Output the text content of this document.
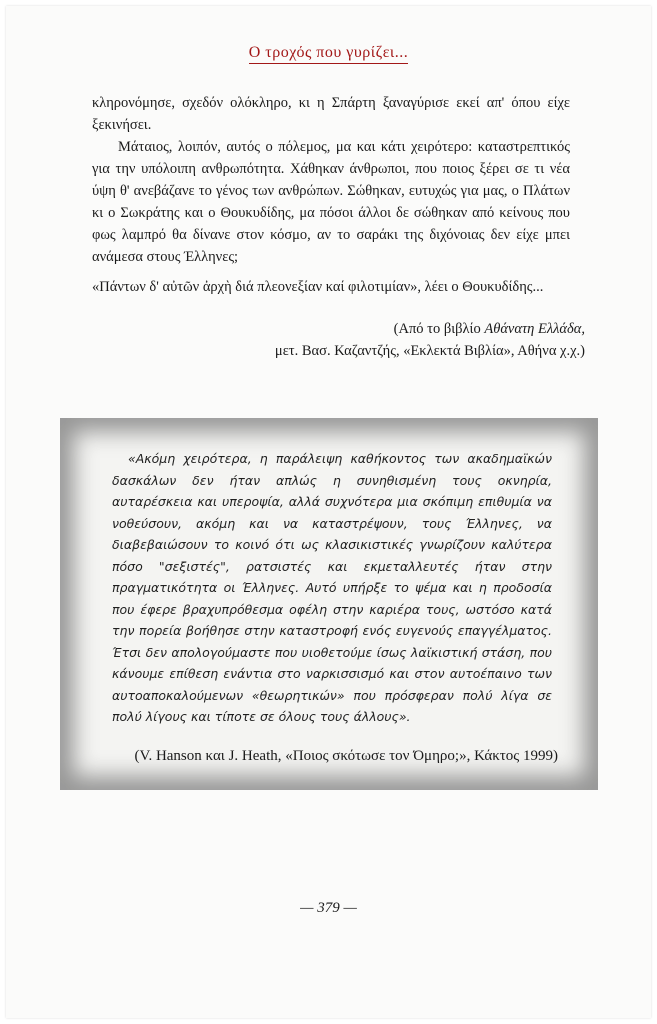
Ο τροχός που γυρίζει...

κληρονόμησε, σχεδόν ολόκληρο, κι η Σπάρτη ξαναγύρισε εκεί απ' όπου είχε ξεκινήσει.

Μάταιος, λοιπόν, αυτός ο πόλεμος, μα και κάτι χειρότερο: καταστρεπτικός για την υπόλοιπη ανθρωπότητα. Χάθηκαν άνθρωποι, που ποιος ξέρει σε τι νέα ύψη θ' ανεβάζανε το γένος των ανθρώπων. Σώθηκαν, ευτυχώς για μας, ο Πλάτων κι ο Σωκράτης και ο Θουκυδίδης, μα πόσοι άλλοι δε σώθηκαν από κείνους που φως λαμπρό θα δίνανε στον κόσμο, αν το σαράκι της διχόνοιας δεν είχε μπει ανάμεσα στους Έλληνες;

«Πάντων δ' αὐτῶν ἀρχὴ διά πλεονεξίαν καί φιλοτιμίαν», λέει ο Θουκυδίδης...

(Από το βιβλίο Αθάνατη Ελλάδα,
μετ. Βασ. Καζαντζής, «Εκλεκτά Βιβλία», Αθήνα χ.χ.)

«Ακόμη χειρότερα, η παράλειψη καθήκοντος των ακαδημαϊκών δασκάλων δεν ήταν απλώς η συνηθισμένη τους οκνηρία, αυταρέσκεια και υπεροψία, αλλά συχνότερα μια σκόπιμη επιθυμία να νοθεύσουν, ακόμη και να καταστρέψουν, τους Έλληνες, να διαβεβαιώσουν το κοινό ότι ως κλασικιστικές γνωρίζουν καλύτερα πόσο "σεξιστές", ρατσιστές και εκμεταλλευτές ήταν στην πραγματικότητα οι Έλληνες. Αυτό υπήρξε το ψέμα και η προδοσία που έφερε βραχυπρόθεσμα οφέλη στην καριέρα τους, ωστόσο κατά την πορεία βοήθησε στην καταστροφή ενός ευγενούς επαγγέλματος. Έτσι δεν απολογούμαστε που υιοθετούμε ίσως λαϊκιστική στάση, που κάνουμε επίθεση ενάντια στο ναρκισσισμό και στον αυτοέπαινο των αυτοαποκαλούμενων «θεωρητικών» που πρόσφεραν πολύ λίγα σε πολύ λίγους και τίποτε σε όλους τους άλλους».

(V. Hanson και J. Heath, «Ποιος σκότωσε τον Όμηρο;», Κάκτος 1999)
— 379 —
